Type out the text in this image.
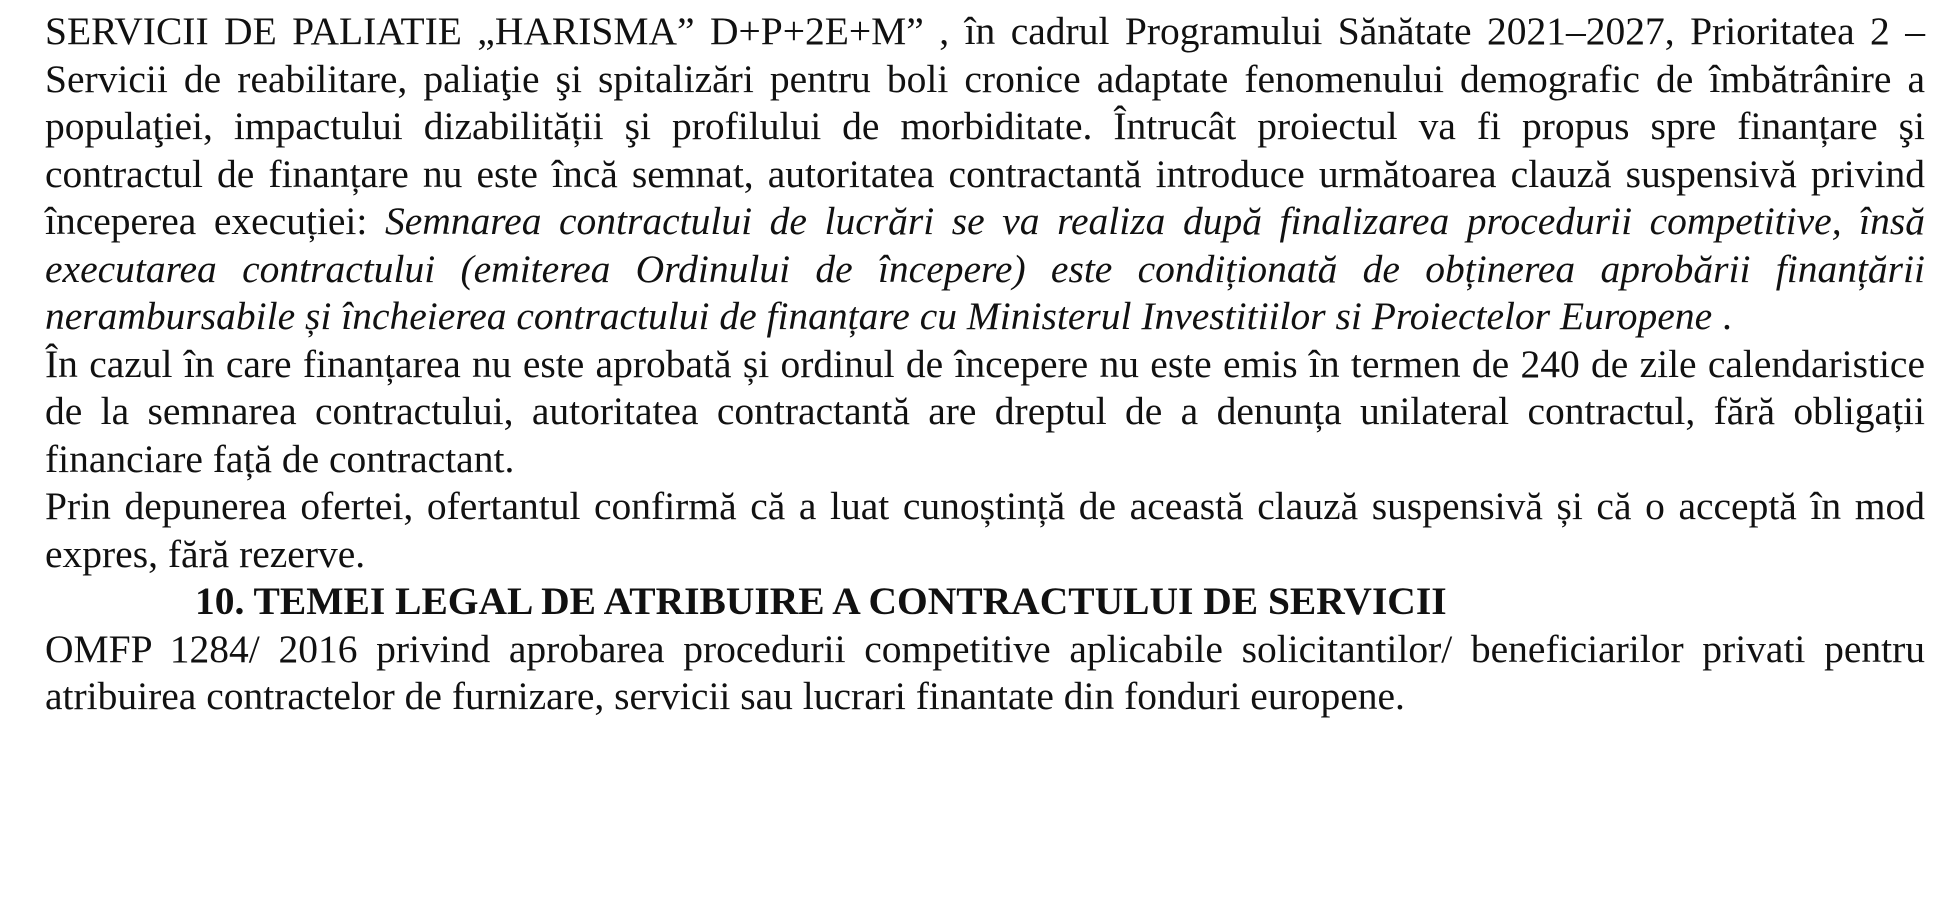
SERVICII DE PALIATIE „HARISMA” D+P+2E+M” , în cadrul Programului Sănătate 2021–2027, Prioritatea 2 – Servicii de reabilitare, paliaţie şi spitalizări pentru boli cronice adaptate fenomenului demografic de îmbătrânire a populaţiei, impactului dizabilității şi profilului de morbiditate. Întrucât proiectul va fi propus spre finanțare şi contractul de finanțare nu este încă semnat, autoritatea contractantă introduce următoarea clauză suspensivă privind începerea execuției: Semnarea contractului de lucrări se va realiza după finalizarea procedurii competitive, însă executarea contractului (emiterea Ordinului de începere) este condiționată de obținerea aprobării finanțării nerambursabile și încheierea contractului de finanțare cu Ministerul Investitiilor si Proiectelor Europene .

În cazul în care finanțarea nu este aprobată și ordinul de începere nu este emis în termen de 240 de zile calendaristice de la semnarea contractului, autoritatea contractantă are dreptul de a denunța unilateral contractul, fără obligații financiare față de contractant.

Prin depunerea ofertei, ofertantul confirmă că a luat cunoștință de această clauză suspensivă și că o acceptă în mod expres, fără rezerve.

10. TEMEI LEGAL DE ATRIBUIRE A CONTRACTULUI DE SERVICII

OMFP 1284/ 2016 privind aprobarea procedurii competitive aplicabile solicitantilor/ beneficiarilor privati pentru atribuirea contractelor de furnizare, servicii sau lucrari finantate din fonduri europene.
